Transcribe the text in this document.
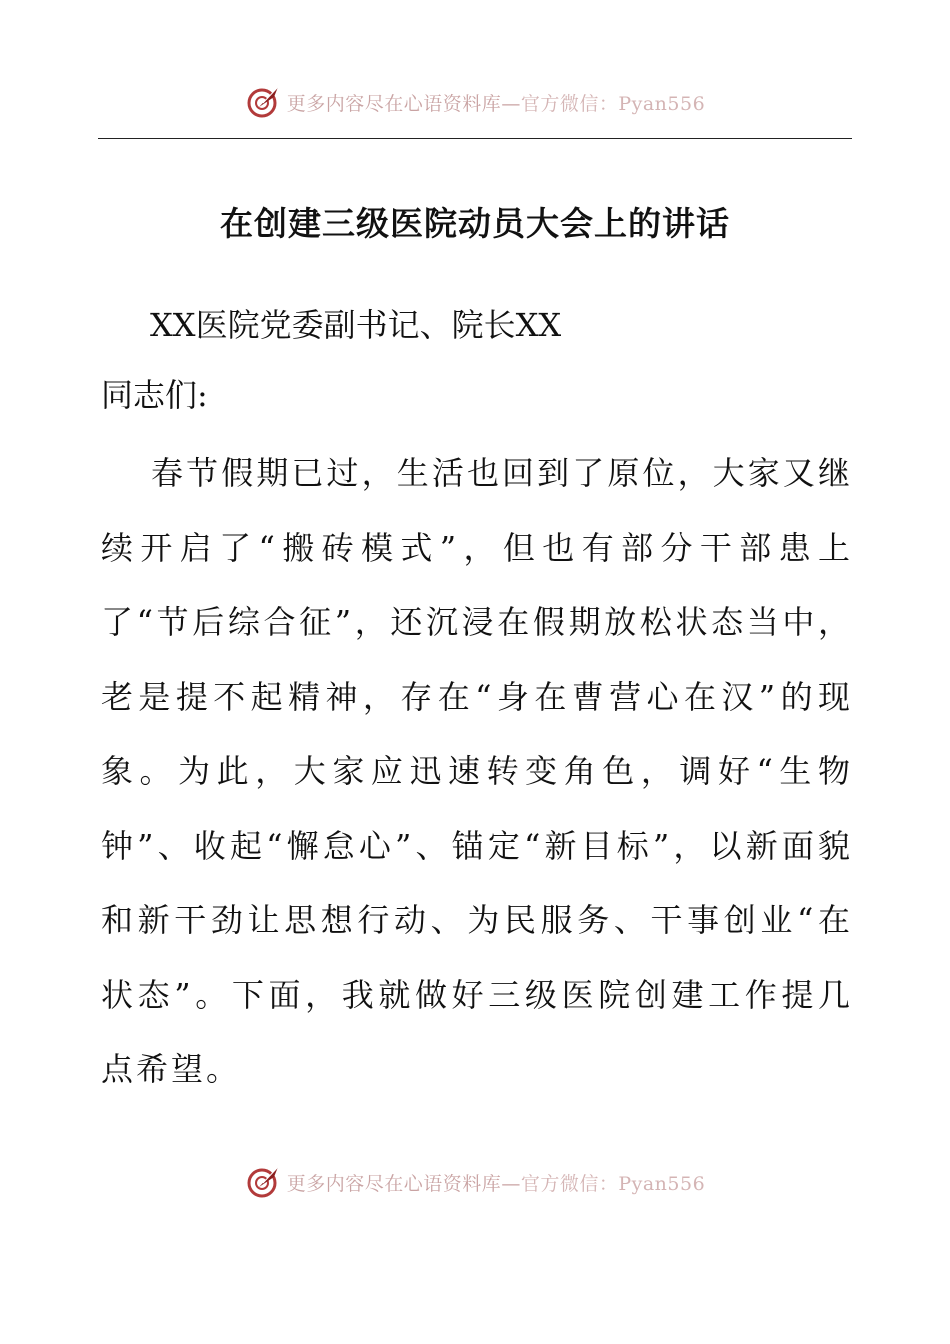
更多内容尽在心语资料库—官方微信：Pyan556
在创建三级医院动员大会上的讲话
XX医院党委副书记、院长XX
同志们:

春节假期已过，生活也回到了原位，大家又继续开启了“搬砖模式”，但也有部分干部患上了“节后综合征”，还沉浸在假期放松状态当中，老是提不起精神，存在“身在曹营心在汉”的现象。为此，大家应迅速转变角色，调好“生物钟”、收起“懈怠心”、锚定“新目标”，以新面貌和新干劲让思想行动、为民服务、干事创业“在状态”。下面，我就做好三级医院创建工作提几点希望。

更多内容尽在心语资料库—官方微信：Pyan556
